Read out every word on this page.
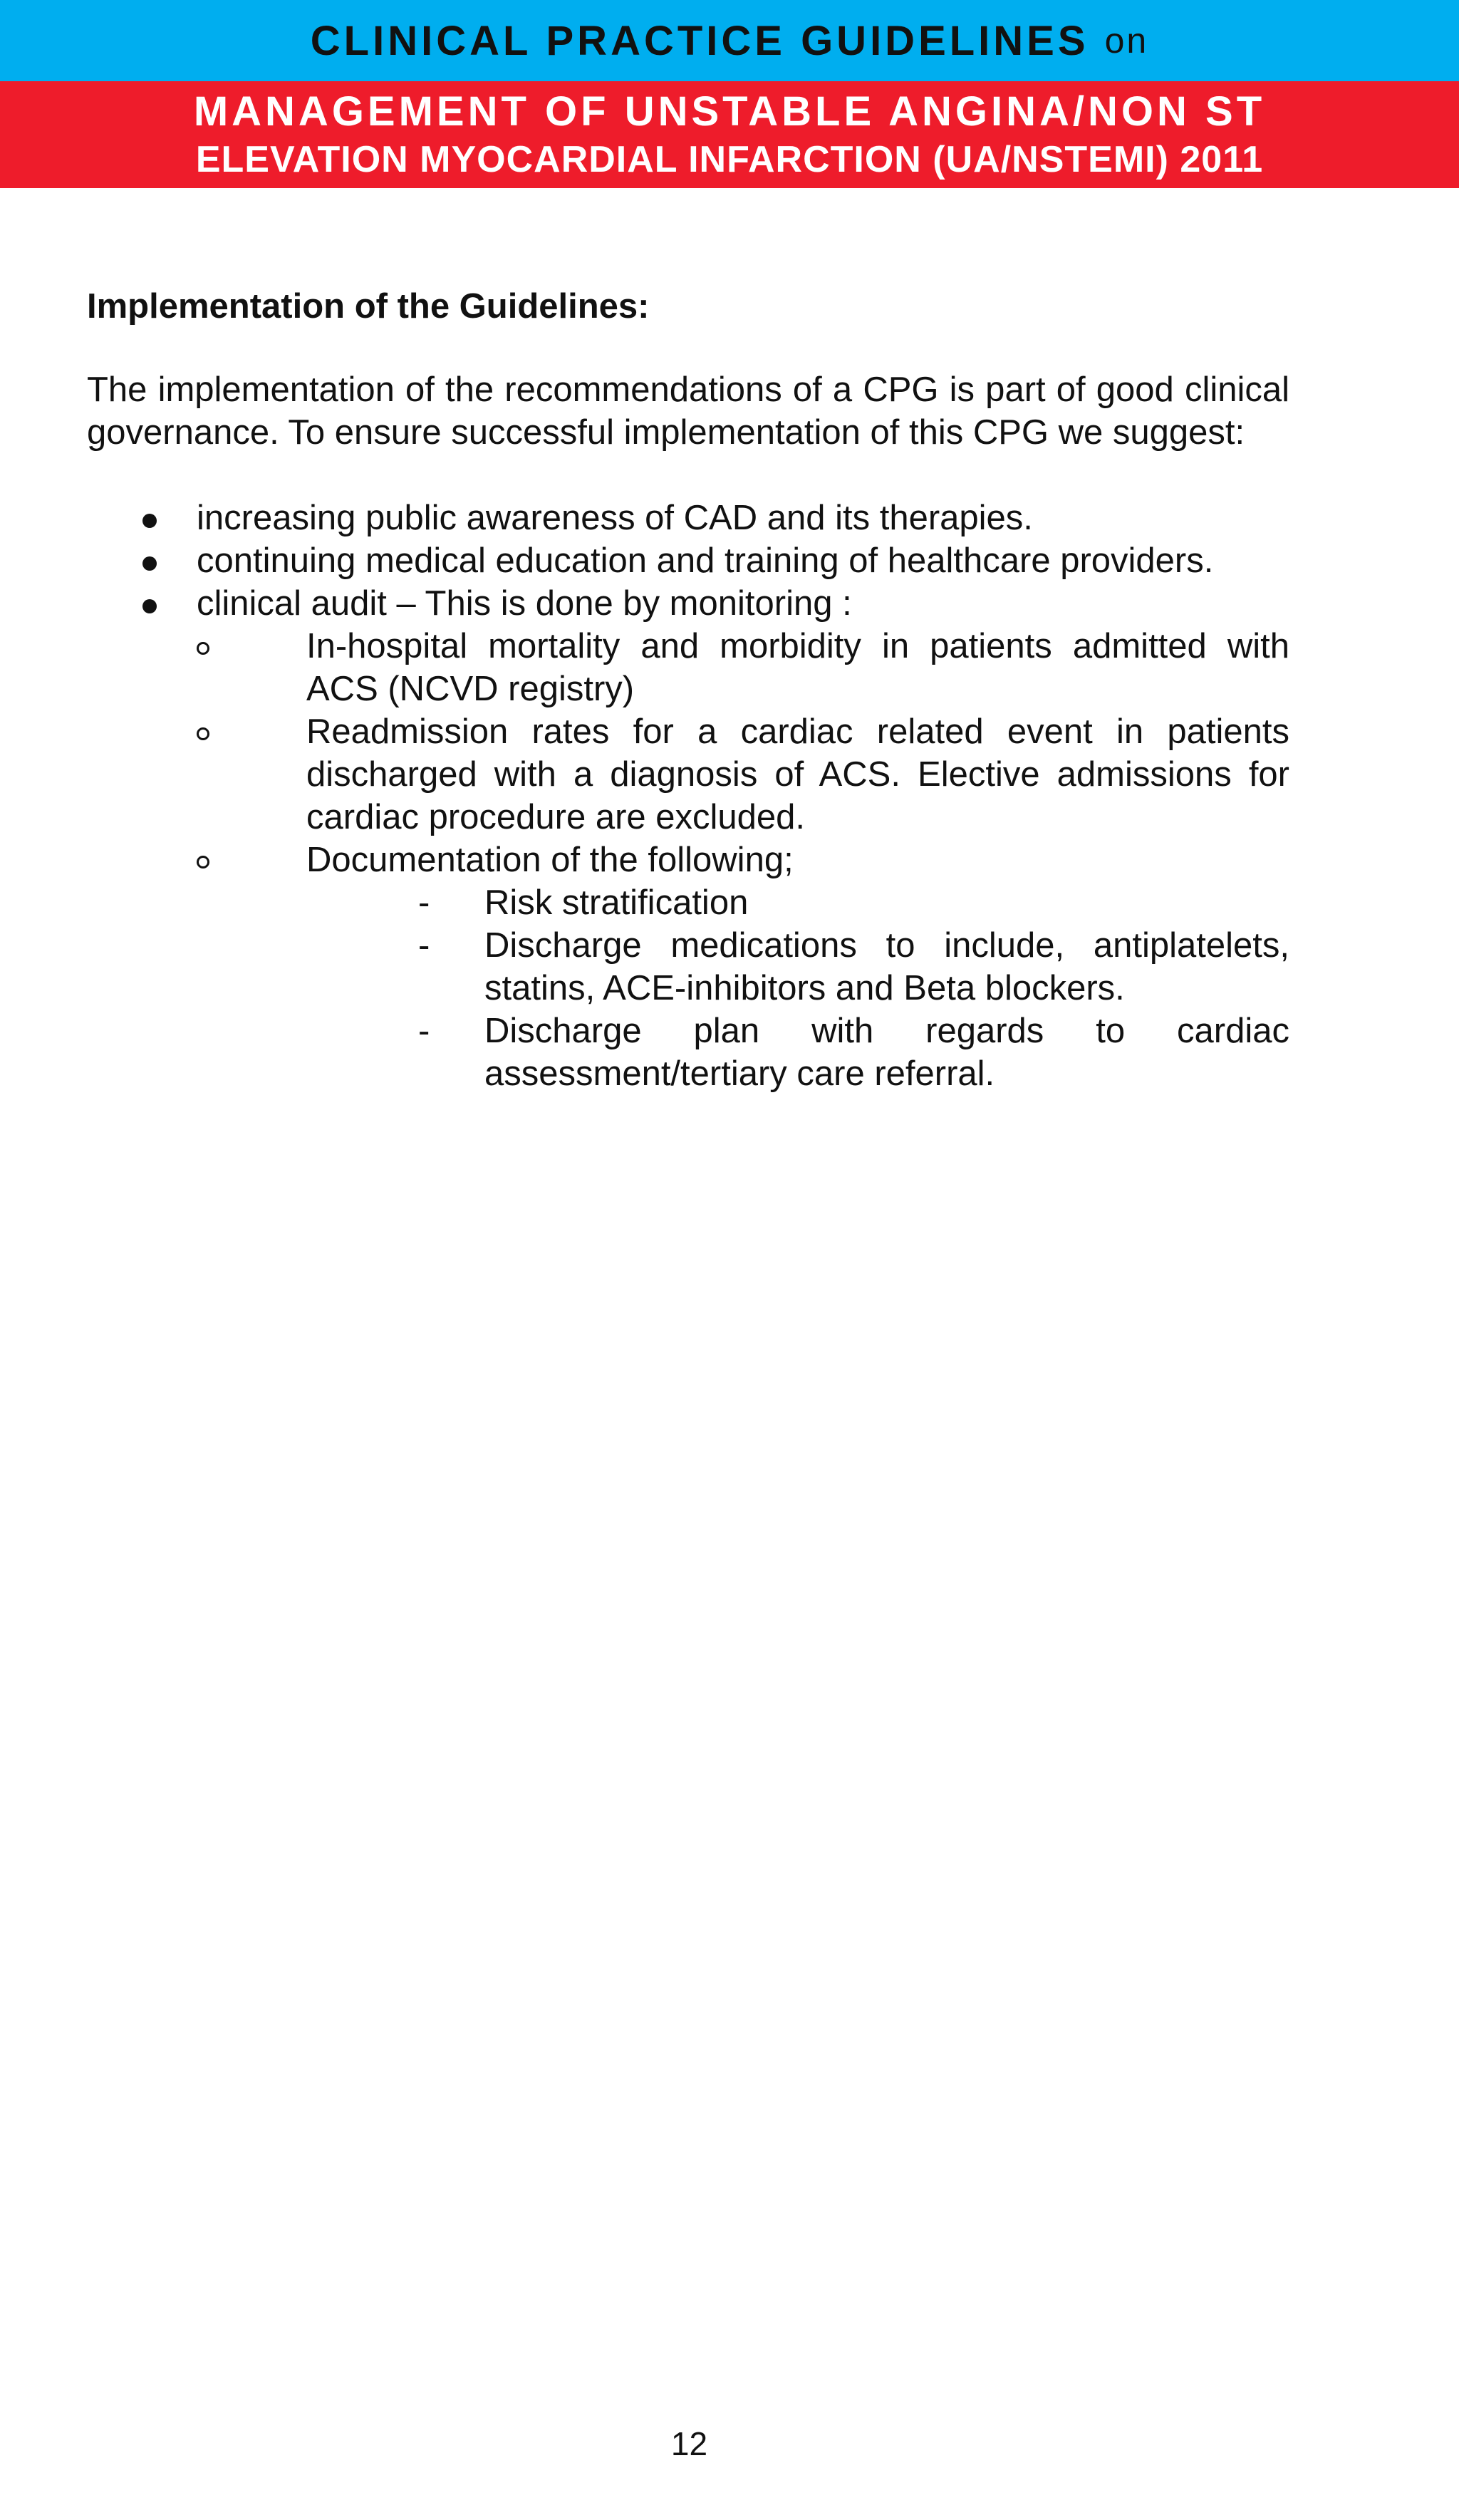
CLINICAL PRACTICE GUIDELINES on
MANAGEMENT OF UNSTABLE ANGINA/NON ST
ELEVATION MYOCARDIAL INFARCTION (UA/NSTEMI) 2011

Implementation of the Guidelines:

The implementation of the recommendations of a CPG is part of good clinical governance. To ensure successful implementation of this CPG we suggest:

increasing public awareness of CAD and its therapies.
continuing medical education and training of healthcare providers.
clinical audit – This is done by monitoring :
In-hospital mortality and morbidity in patients admitted with ACS (NCVD registry)
Readmission rates for a cardiac related event in patients discharged with a diagnosis of ACS. Elective admissions for cardiac procedure are excluded.
Documentation of the following;
-	Risk stratification
-	Discharge medications to include, antiplatelets, statins, ACE-inhibitors and Beta blockers.
-	Discharge plan with regards to cardiac assessment/tertiary care referral.
12
